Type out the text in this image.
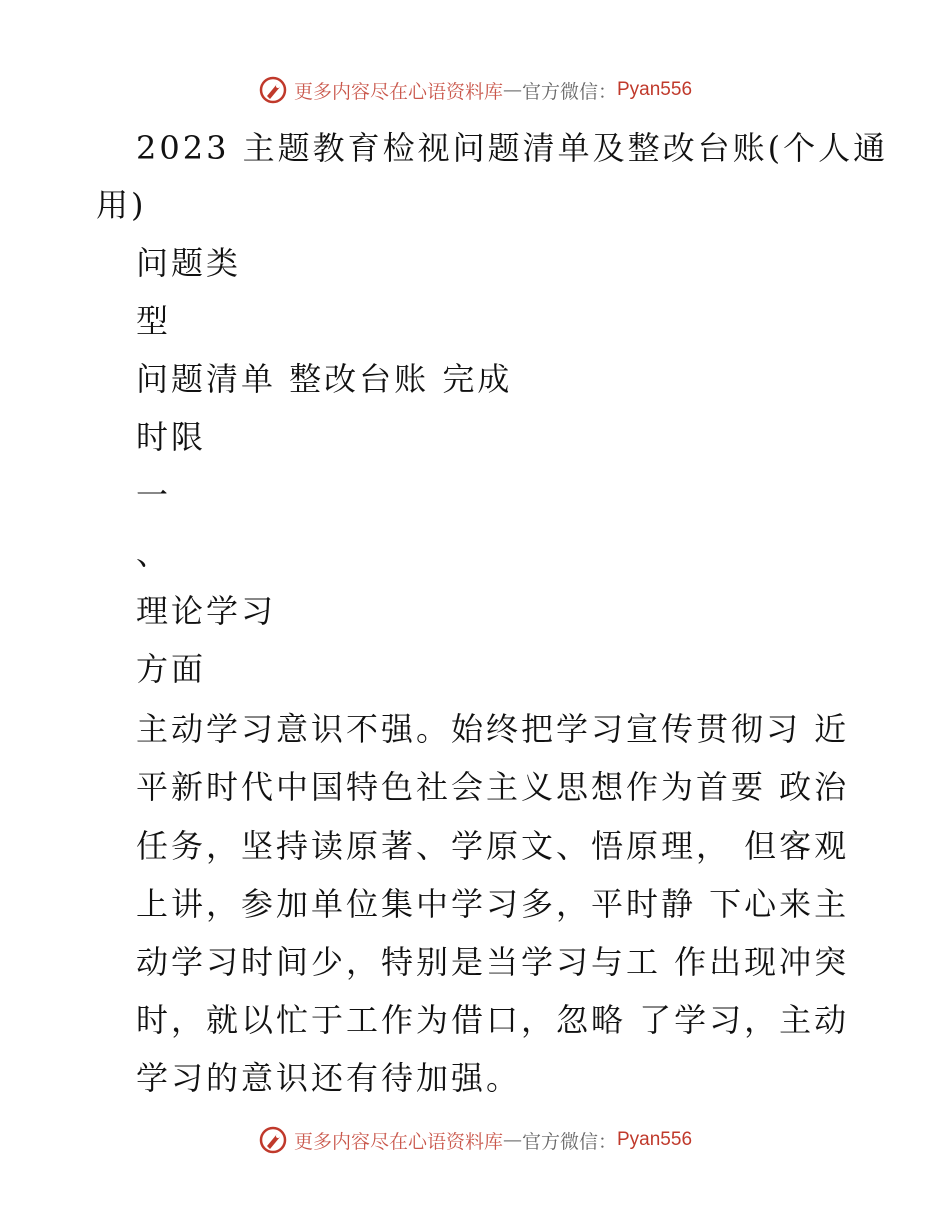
更多内容尽在心语资料库 — 官方微信： Pyan556
2023 主题教育检视问题清单及整改台账(个人通
用)
问题类
型
问题清单 整改台账 完成
时限
一
、
理论学习
方面
主动学习意识不强。始终把学习宣传贯彻习 近
平新时代中国特色社会主义思想作为首要 政治
任务，坚持读原著、学原文、悟原理， 但客观
上讲，参加单位集中学习多，平时静 下心来主
动学习时间少，特别是当学习与工 作出现冲突
时，就以忙于工作为借口，忽略 了学习，主动
学习的意识还有待加强。
更多内容尽在心语资料库 — 官方微信： Pyan556
